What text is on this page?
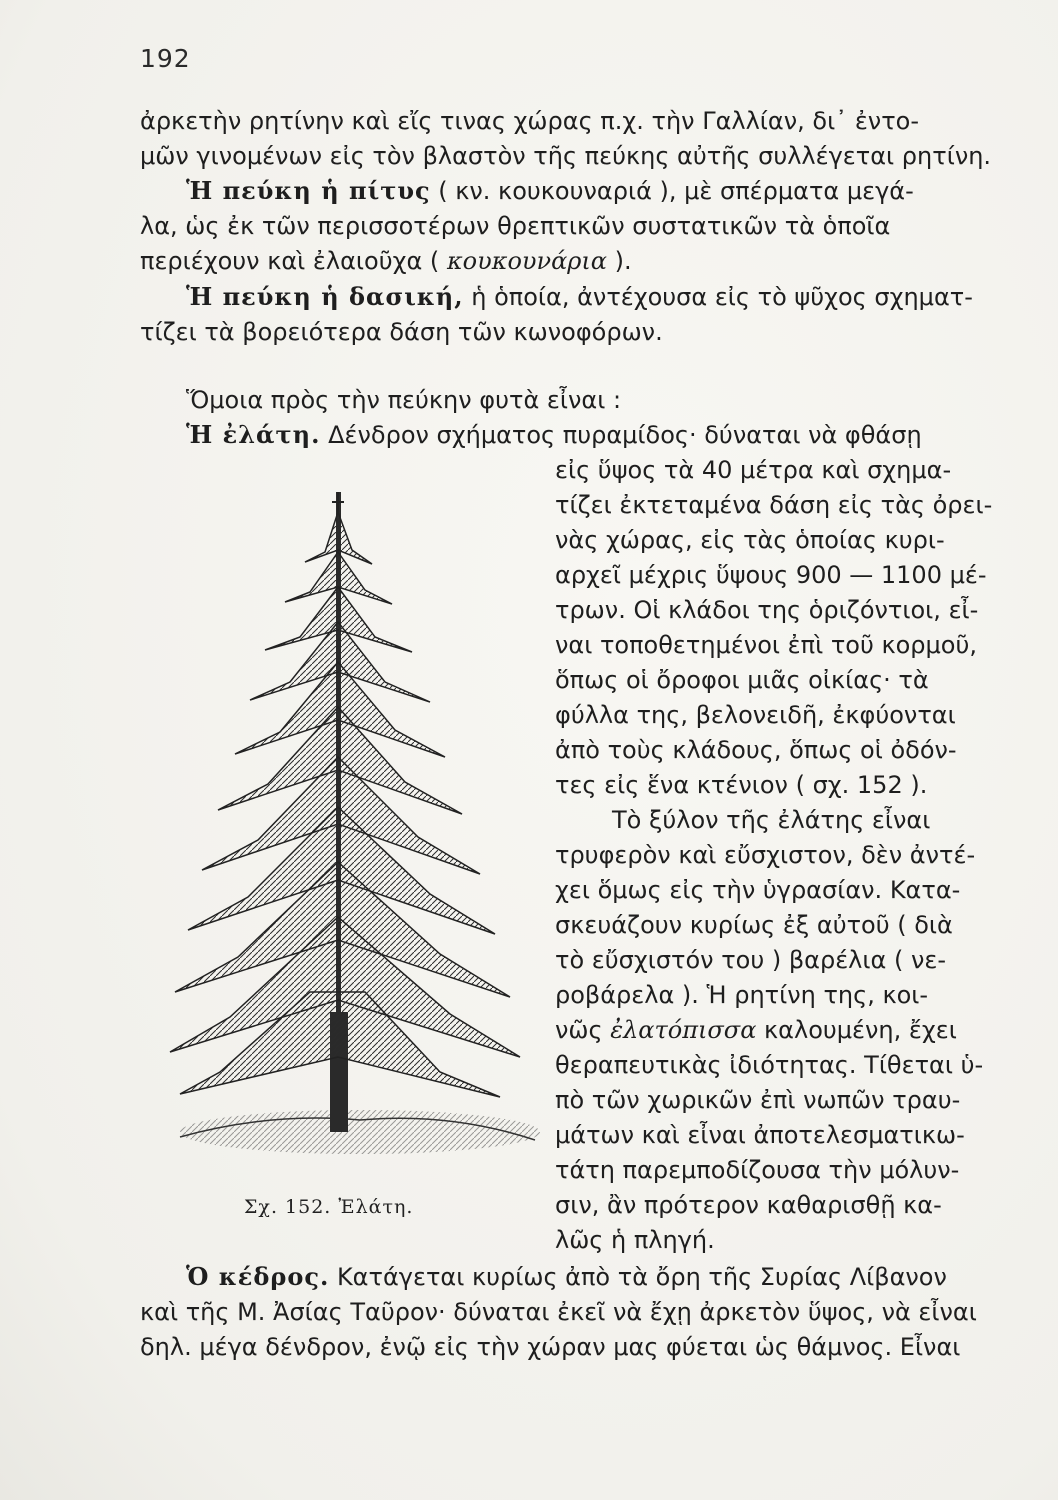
192
ἀρκετὴν ρητίνην καὶ εἴς τινας χώρας π.χ. τὴν Γαλλίαν, δι᾽ ἐντο-
μῶν γινομένων εἰς τὸν βλαστὸν τῆς πεύκης αὐτῆς συλλέγεται ρητίνη.
Ἡ πεύκη ἡ πίτυς ( κν. κουκουναριά ), μὲ σπέρματα μεγά-
λα, ὡς ἐκ τῶν περισσοτέρων θρεπτικῶν συστατικῶν τὰ ὁποῖα
περιέχουν καὶ ἐλαιοῦχα ( κουκουνάρια ).
Ἡ πεύκη ἡ δασική, ἡ ὁποία, ἀντέχουσα εἰς τὸ ψῦχος σχηματ-
τίζει τὰ βορειότερα δάση τῶν κωνοφόρων.
Ὅμοια πρὸς τὴν πεύκην φυτὰ εἶναι :
Ἡ ἐλάτη. Δένδρον σχήματος πυραμίδος· δύναται νὰ φθάσῃ
εἰς ὕψος τὰ 40 μέτρα καὶ σχημα-
τίζει ἐκτεταμένα δάση εἰς τὰς ὀρει-
νὰς χώρας, εἰς τὰς ὁποίας κυρι-
αρχεῖ μέχρις ὕψους 900 — 1100 μέ-
τρων. Οἱ κλάδοι της ὁριζόντιοι, εἶ-
ναι τοποθετημένοι ἐπὶ τοῦ κορμοῦ,
ὅπως οἱ ὄροφοι μιᾶς οἰκίας· τὰ
φύλλα της, βελονειδῆ, ἐκφύονται
ἀπὸ τοὺς κλάδους, ὅπως οἱ ὀδόν-
τες εἰς ἕνα κτένιον ( σχ. 152 ).
Τὸ ξύλον τῆς ἐλάτης εἶναι
τρυφερὸν καὶ εὔσχιστον, δὲν ἀντέ-
χει ὅμως εἰς τὴν ὑγρασίαν. Κατα-
σκευάζουν κυρίως ἐξ αὐτοῦ ( διὰ
τὸ εὔσχιστόν του ) βαρέλια ( νε-
ροβάρελα ). Ἡ ρητίνη της, κοι-
νῶς ἐλατόπισσα καλουμένη, ἔχει
θεραπευτικὰς ἰδιότητας. Τίθεται ὑ-
πὸ τῶν χωρικῶν ἐπὶ νωπῶν τραυ-
μάτων καὶ εἶναι ἀποτελεσματικω-
τάτη παρεμποδίζουσα τὴν μόλυν-
σιν, ἂν πρότερον καθαρισθῇ κα-
λῶς ἡ πληγή.
Σχ. 152. Ἐλάτη.
Ὁ κέδρος. Κατάγεται κυρίως ἀπὸ τὰ ὄρη τῆς Συρίας Λίβανον
καὶ τῆς Μ. Ἀσίας Ταῦρον· δύναται ἐκεῖ νὰ ἔχῃ ἀρκετὸν ὕψος, νὰ εἶναι
δηλ. μέγα δένδρον, ἐνῷ εἰς τὴν χώραν μας φύεται ὡς θάμνος. Εἶναι
